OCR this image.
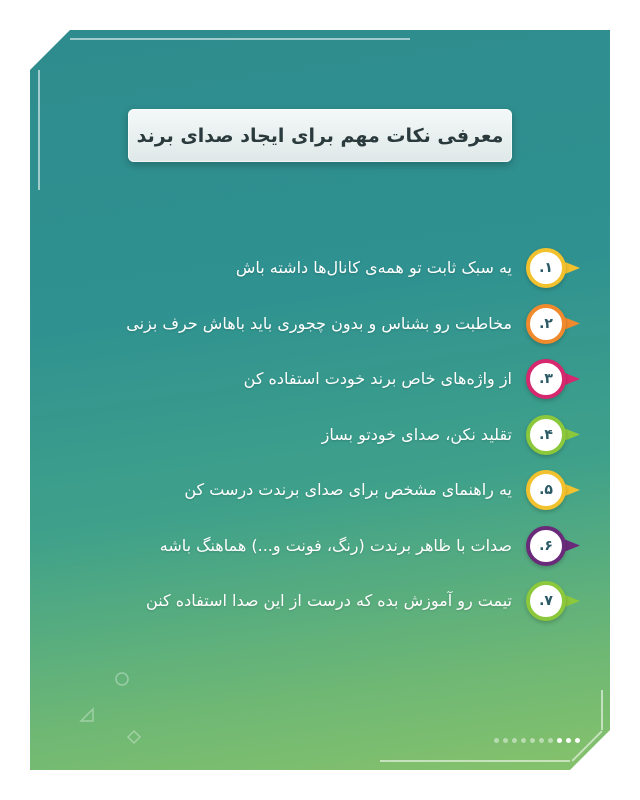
معرفی نکات مهم برای ایجاد صدای برند
۱.
یه سبک ثابت تو همه‌ی کانال‌ها داشته باش
۲.
مخاطبت رو بشناس و بدون چجوری باید باهاش حرف بزنی
۳.
از واژه‌های خاص برند خودت استفاده کن
۴.
تقلید نکن، صدای خودتو بساز
۵.
یه راهنمای مشخص برای صدای برندت درست کن
۶.
صدات با ظاهر برندت (رنگ، فونت و...) هماهنگ باشه
۷.
تیمت رو آموزش بده که درست از این صدا استفاده کنن
